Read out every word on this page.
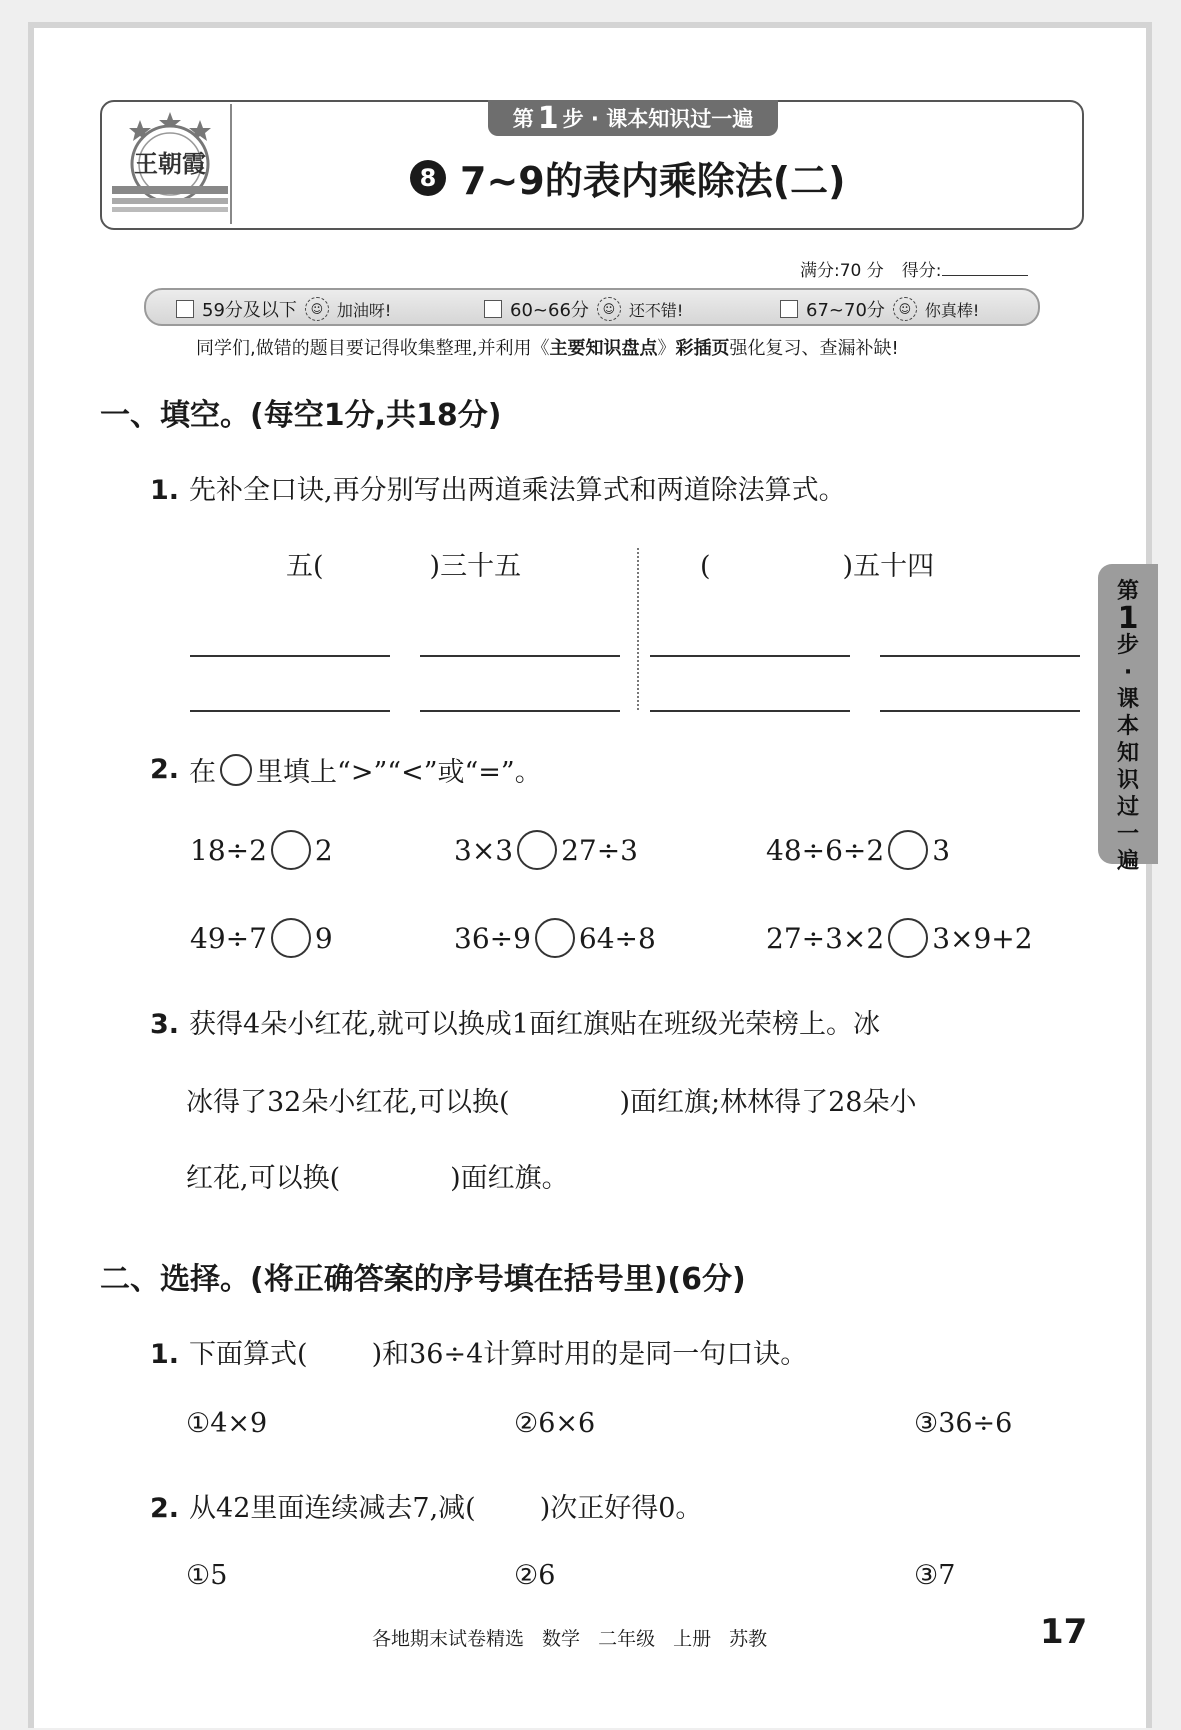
王朝霞
第 1 步 · 课本知识过一遍
8 7~9的表内乘除法(二)
满分:70 分 得分:
59分及以下	☺ 加油呀!	60~66分	☺ 还不错!	67~70分	☺ 你真棒!
同学们,做错的题目要记得收集整理,并利用《主要知识盘点》彩插页强化复习、查漏补缺!
一、填空。(每空1分,共18分)
1. 先补全口诀,再分别写出两道乘法算式和两道除法算式。
五(	)三十五	(	)五十四
2. 在 里填上“>”“<”或“=”。
18÷2 2	3×3 27÷3	48÷6÷2 3
49÷7 9	36÷9 64÷8	27÷3×2 3×9+2
3. 获得4朵小红花,就可以换成1面红旗贴在班级光荣榜上。冰
冰得了32朵小红花,可以换(	)面红旗;林林得了28朵小
红花,可以换(	)面红旗。
二、选择。(将正确答案的序号填在括号里)(6分)
1. 下面算式( )和36÷4计算时用的是同一句口诀。
①4×9	②6×6	③36÷6
2. 从42里面连续减去7,减( )次正好得0。
①5	②6	③7
第
1
步
·
课
本
知
识
过
一
遍
各地期末试卷精选 数学 二年级 上册 苏教	17
